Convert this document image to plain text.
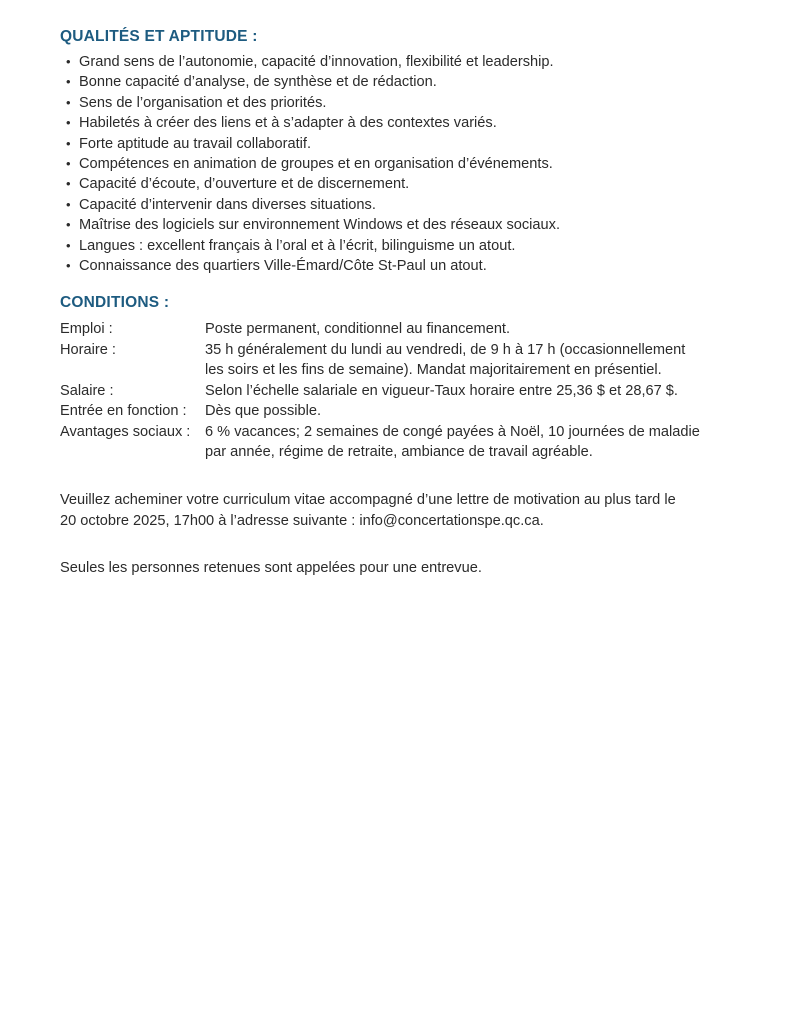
QUALITÉS ET APTITUDE :
• Grand sens de l’autonomie, capacité d’innovation, flexibilité et leadership.
• Bonne capacité d’analyse, de synthèse et de rédaction.
• Sens de l’organisation et des priorités.
• Habiletés à créer des liens et à s’adapter à des contextes variés.
• Forte aptitude au travail collaboratif.
• Compétences en animation de groupes et en organisation d’événements.
• Capacité d’écoute, d’ouverture et de discernement.
• Capacité d’intervenir dans diverses situations.
• Maîtrise des logiciels sur environnement Windows et des réseaux sociaux.
• Langues : excellent français à l’oral et à l’écrit, bilinguisme un atout.
• Connaissance des quartiers Ville-Émard/Côte St-Paul un atout.
CONDITIONS :
Emploi :	Poste permanent, conditionnel au financement.
Horaire :	35 h généralement du lundi au vendredi, de 9 h à 17 h (occasionnellement
les soirs et les fins de semaine). Mandat majoritairement en présentiel.
Salaire :	Selon l’échelle salariale en vigueur-Taux horaire entre 25,36 $ et 28,67 $.
Entrée en fonction :	Dès que possible.
Avantages sociaux :	6 % vacances; 2 semaines de congé payées à Noël, 10 journées de maladie
par année, régime de retraite, ambiance de travail agréable.
Veuillez acheminer votre curriculum vitae accompagné d’une lettre de motivation au plus tard le
20 octobre 2025, 17h00 à l’adresse suivante : info@concertationspe.qc.ca.
Seules les personnes retenues sont appelées pour une entrevue.
